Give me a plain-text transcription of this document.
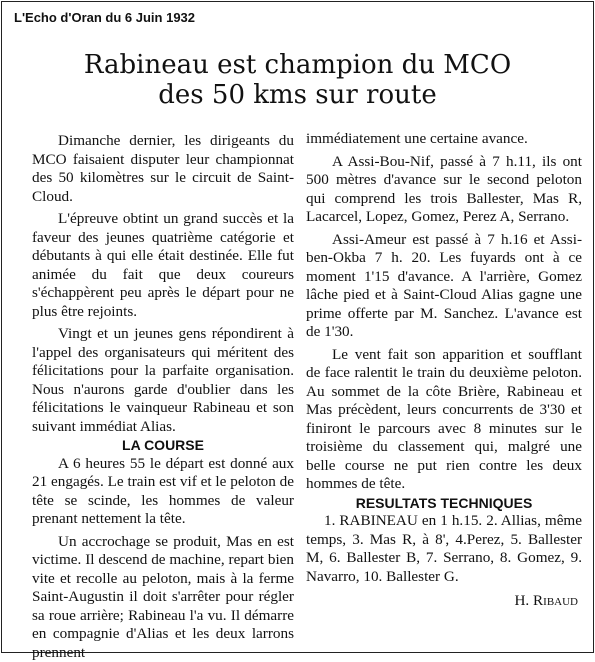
L'Echo d'Oran du 6 Juin 1932
Rabineau est champion du MCO
des 50 kms sur route

Dimanche dernier, les dirigeants du MCO faisaient disputer leur championnat des 50 kilomètres sur le circuit de Saint-Cloud.

L'épreuve obtint un grand succès et la faveur des jeunes quatrième catégorie et débutants à qui elle était destinée. Elle fut animée du fait que deux coureurs s'échappèrent peu après le départ pour ne plus être rejoints.

Vingt et un jeunes gens répondirent à l'appel des organisateurs qui méritent des félicitations pour la parfaite organisation. Nous n'aurons garde d'oublier dans les félicitations le vainqueur Rabineau et son suivant immédiat Alias.

LA COURSE

A 6 heures 55 le départ est donné aux 21 engagés. Le train est vif et le peloton de tête se scinde, les hommes de valeur prenant nettement la tête.

Un accrochage se produit, Mas en est victime. Il descend de machine, repart bien vite et recolle au peloton, mais à la ferme Saint-Augustin il doit s'arrêter pour régler sa roue arrière; Rabineau l'a vu. Il démarre en compagnie d'Alias et les deux larrons prennent

immédiatement une certaine avance.

A Assi-Bou-Nif, passé à 7 h.11, ils ont 500 mètres d'avance sur le second peloton qui comprend les trois Ballester, Mas R, Lacarcel, Lopez, Gomez, Perez A, Serrano.

Assi-Ameur est passé à 7 h.16 et Assi-ben-Okba 7 h. 20. Les fuyards ont à ce moment 1'15 d'avance. A l'arrière, Gomez lâche pied et à Saint-Cloud Alias gagne une prime offerte par M. Sanchez. L'avance est de 1'30.

Le vent fait son apparition et soufflant de face ralentit le train du deuxième peloton. Au sommet de la côte Brière, Rabineau et Mas précèdent, leurs concurrents de 3'30 et finiront le parcours avec 8 minutes sur le troisième du classement qui, malgré une belle course ne put rien contre les deux hommes de tête.

RESULTATS TECHNIQUES

1. RABINEAU en 1 h.15. 2. Allias, même temps, 3. Mas R, à 8', 4.Perez, 5. Ballester M, 6. Ballester B, 7. Serrano, 8. Gomez, 9. Navarro, 10. Ballester G.

H. Ribaud
